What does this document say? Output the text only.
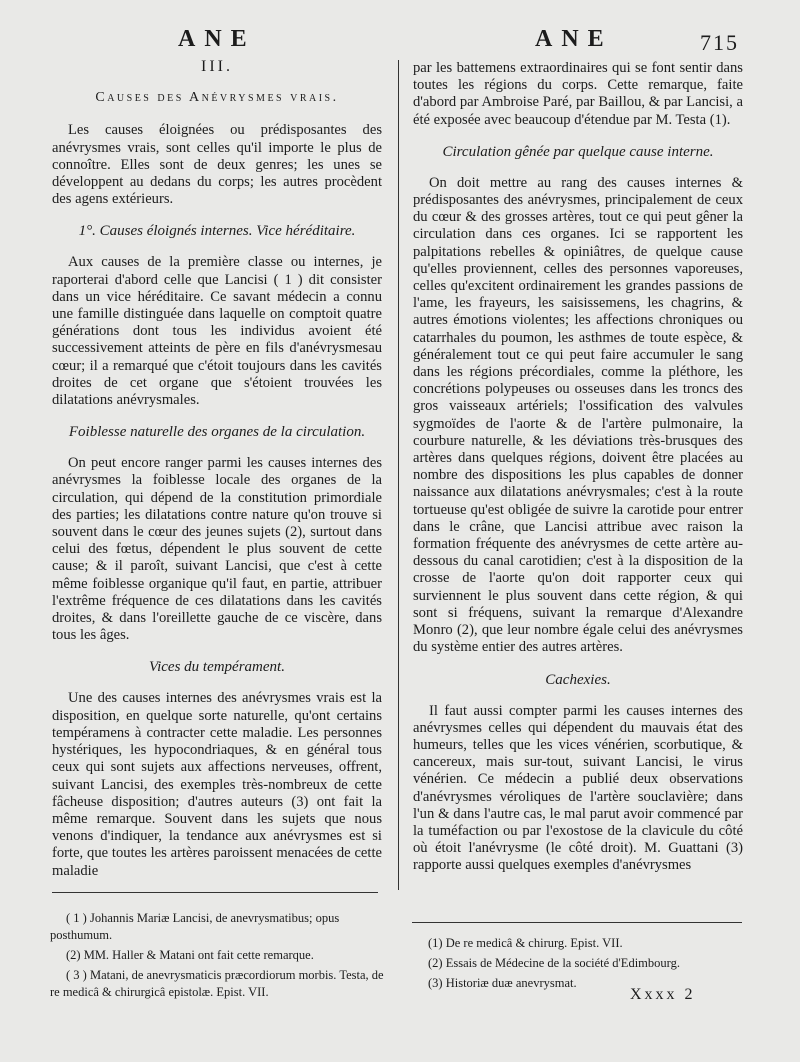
ANE	ANE	715
III.
Causes des Anévrysmes vrais.

Les causes éloignées ou prédisposantes des anévrysmes vrais, sont celles qu'il importe le plus de connoître. Elles sont de deux genres; les unes se développent au dedans du corps; les autres procèdent des agens extérieurs.

1°. Causes éloignés internes. Vice héréditaire.

Aux causes de la première classe ou internes, je raporterai d'abord celle que Lancisi ( 1 ) dit consister dans un vice héréditaire. Ce savant médecin a connu une famille distinguée dans laquelle on comptoit quatre générations dont tous les individus avoient été successivement atteints de père en fils d'anévrysmesau cœur; il a remarqué que c'étoit toujours dans les cavités droites de cet organe que s'étoient trouvées les dilatations anévrysmales.

Foiblesse naturelle des organes de la circulation.

On peut encore ranger parmi les causes internes des anévrysmes la foiblesse locale des organes de la circulation, qui dépend de la constitution primordiale des parties; les dilatations contre nature qu'on trouve si souvent dans le cœur des jeunes sujets (2), surtout dans celui des fœtus, dépendent le plus souvent de cette cause; & il paroît, suivant Lancisi, que c'est à cette même foiblesse organique qu'il faut, en partie, attribuer l'extrême fréquence de ces dilatations dans les cavités droites, & dans l'oreillette gauche de ce viscère, dans tous les âges.

Vices du tempérament.

Une des causes internes des anévrysmes vrais est la disposition, en quelque sorte naturelle, qu'ont certains tempéramens à contracter cette maladie. Les personnes hystériques, les hypocondriaques, & en général tous ceux qui sont sujets aux affections nerveuses, offrent, suivant Lancisi, des exemples très-nombreux de cette fâcheuse disposition; d'autres auteurs (3) ont fait la même remarque. Souvent dans les sujets que nous venons d'indiquer, la tendance aux anévrysmes est si forte, que toutes les artères paroissent menacées de cette maladie

par les battemens extraordinaires qui se font sentir dans toutes les régions du corps. Cette remarque, faite d'abord par Ambroise Paré, par Baillou, & par Lancisi, a été exposée avec beaucoup d'étendue par M. Testa (1).

Circulation gênée par quelque cause interne.

On doit mettre au rang des causes internes & prédisposantes des anévrysmes, principalement de ceux du cœur & des grosses artères, tout ce qui peut gêner la circulation dans ces organes. Ici se rapportent les palpitations rebelles & opiniâtres, de quelque cause qu'elles proviennent, celles des personnes vaporeuses, celles qu'excitent ordinairement les grandes passions de l'ame, les frayeurs, les saisissemens, les chagrins, & autres émotions violentes; les affections chroniques ou catarrhales du poumon, les asthmes de toute espèce, & généralement tout ce qui peut faire accumuler le sang dans les régions précordiales, comme la pléthore, les concrétions polypeuses ou osseuses dans les troncs des gros vaisseaux artériels; l'ossification des valvules sygmoïdes de l'aorte & de l'artère pulmonaire, la courbure naturelle, & les déviations très-brusques des artères dans quelques régions, doivent être placées au nombre des dispositions les plus capables de donner naissance aux dilatations anévrysmales; c'est à la route tortueuse qu'est obligée de suivre la carotide pour entrer dans le crâne, que Lancisi attribue avec raison la formation fréquente des anévrysmes de cette artère au-dessous du canal carotidien; c'est à la disposition de la crosse de l'aorte qu'on doit rapporter ceux qui surviennent le plus souvent dans cette région, & qui sont si fréquens, suivant la remarque d'Alexandre Monro (2), que leur nombre égale celui des anévrysmes du système entier des autres artères.

Cachexies.

Il faut aussi compter parmi les causes internes des anévrysmes celles qui dépendent du mauvais état des humeurs, telles que les vices vénérien, scorbutique, & cancereux, mais sur-tout, suivant Lancisi, le virus vénérien. Ce médecin a publié deux observations d'anévrysmes véroliques de l'artère souclavière; dans l'un & dans l'autre cas, le mal parut avoir commencé par la tuméfaction ou par l'exostose de la clavicule du côté où étoit l'anévrysme (le côté droit). M. Guattani (3) rapporte aussi quelques exemples d'anévrysmes

( 1 ) Johannis Mariæ Lancisi, de anevrysmatibus; opus posthumum.
(2) MM. Haller & Matani ont fait cette remarque.
( 3 ) Matani, de anevrysmaticis præcordiorum morbis. Testa, de re medicâ & chirurgicâ epistolæ. Epist. VII.
(1) De re medicâ & chirurg. Epist. VII.
(2) Essais de Médecine de la société d'Edimbourg.
(3) Historiæ duæ anevrysmat.
Xxxx 2
